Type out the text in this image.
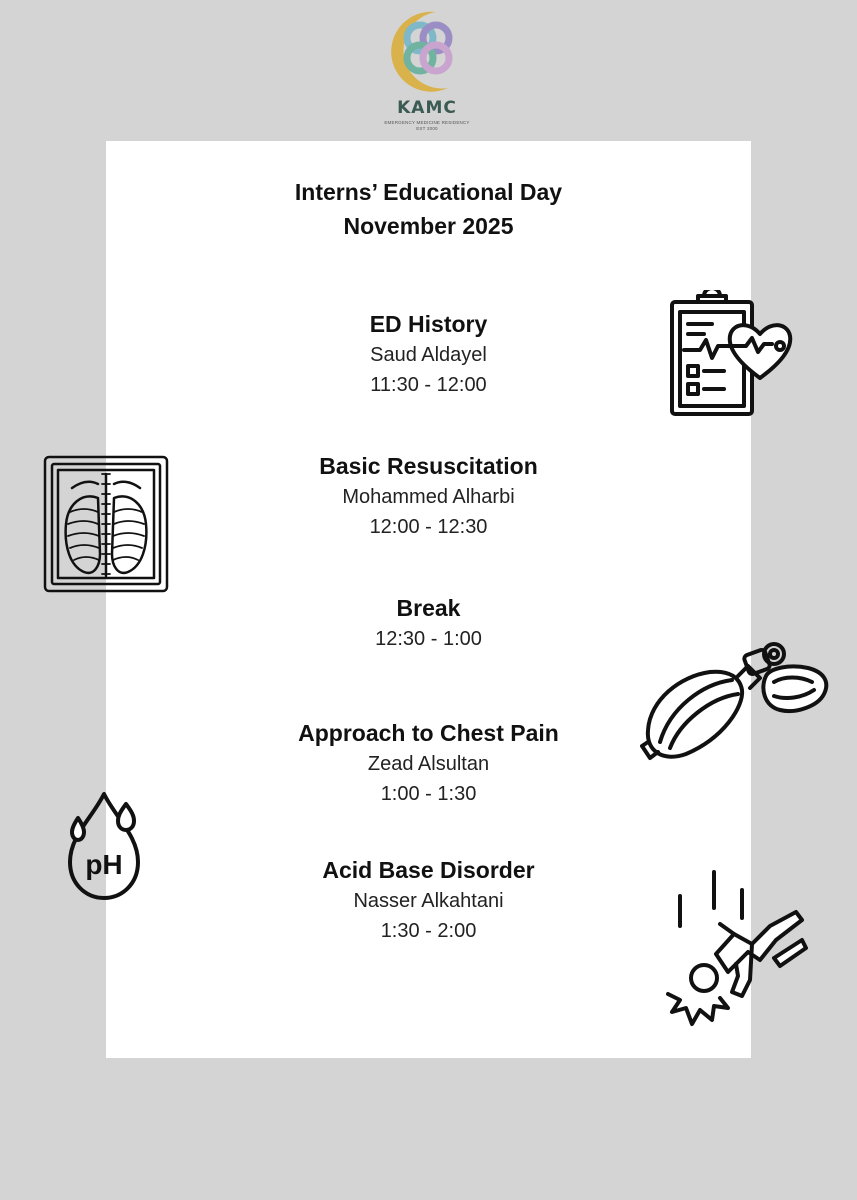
KAMC
EMERGENCY MEDICINE RESIDENCY
EST 2000
Interns’ Educational Day
November 2025
ED History
Saud Aldayel
11:30 - 12:00
Basic Resuscitation
Mohammed Alharbi
12:00 - 12:30
Break
12:30 - 1:00
Approach to Chest Pain
Zead Alsultan
1:00 - 1:30
Acid Base Disorder
Nasser Alkahtani
1:30 - 2:00
pH
